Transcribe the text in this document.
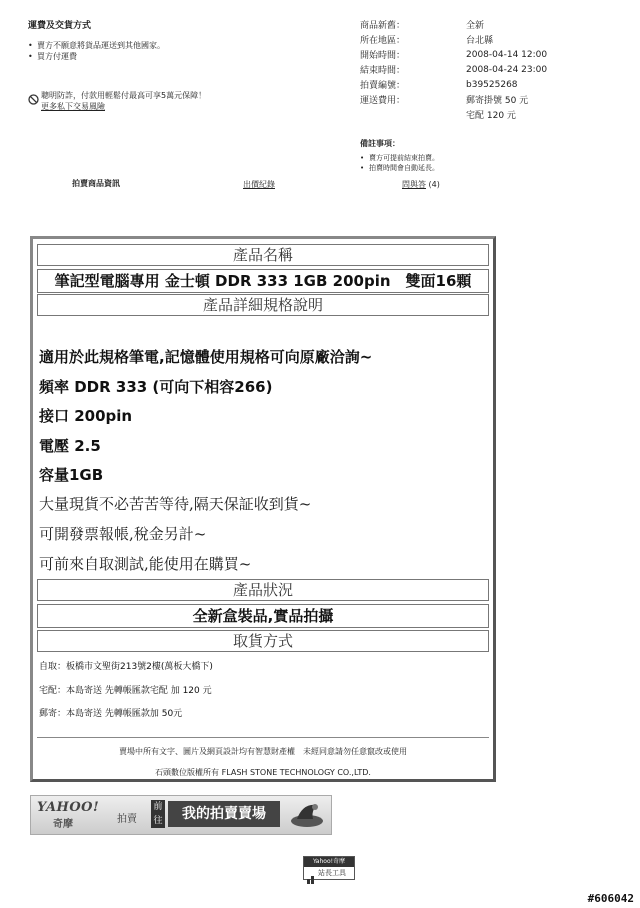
運費及交貨方式
• 賣方不願意將貨品運送到其他國家。
• 買方付運費
聰明防詐，付款用輕鬆付最高可享5萬元保障！
更多私下交易風險
商品新舊：	全新
所在地區：	台北縣
開始時間：	2008-04-14 12:00
結束時間：	2008-04-24 23:00
拍賣編號：	b39525268
運送費用：	郵寄掛號 50 元
宅配 120 元
備註事項：
• 賣方可提前結束拍賣。
• 拍賣時間會自動延長。
拍賣商品資訊	出價紀錄	問與答 (4)
產品名稱
筆記型電腦專用 金士頓 DDR 333 1GB 200pin　雙面16顆
產品詳細規格說明
適用於此規格筆電,記憶體使用規格可向原廠洽詢~
頻率 DDR 333 (可向下相容266)
接口 200pin
電壓 2.5
容量1GB
大量現貨不必苦苦等待,隔天保証收到貨~
可開發票報帳,稅金另計~
可前來自取測試,能使用在購買~
產品狀況
全新盒裝品,實品拍攝
取貨方式
自取：板橋市文聖街213號2樓(萬板大橋下)
宅配：本島寄送 先轉帳匯款宅配 加 120 元
郵寄：本島寄送 先轉帳匯款加 50元
賣場中所有文字、圖片及網頁設計均有智慧財產權　未經同意請勿任意竄改或使用
石頭數位版權所有 FLASH STONE TECHNOLOGY CO.,LTD.
YAHOO!
奇摩	拍賣
前往	我的拍賣賣場
Yahoo!奇摩
站長工具
#606042
